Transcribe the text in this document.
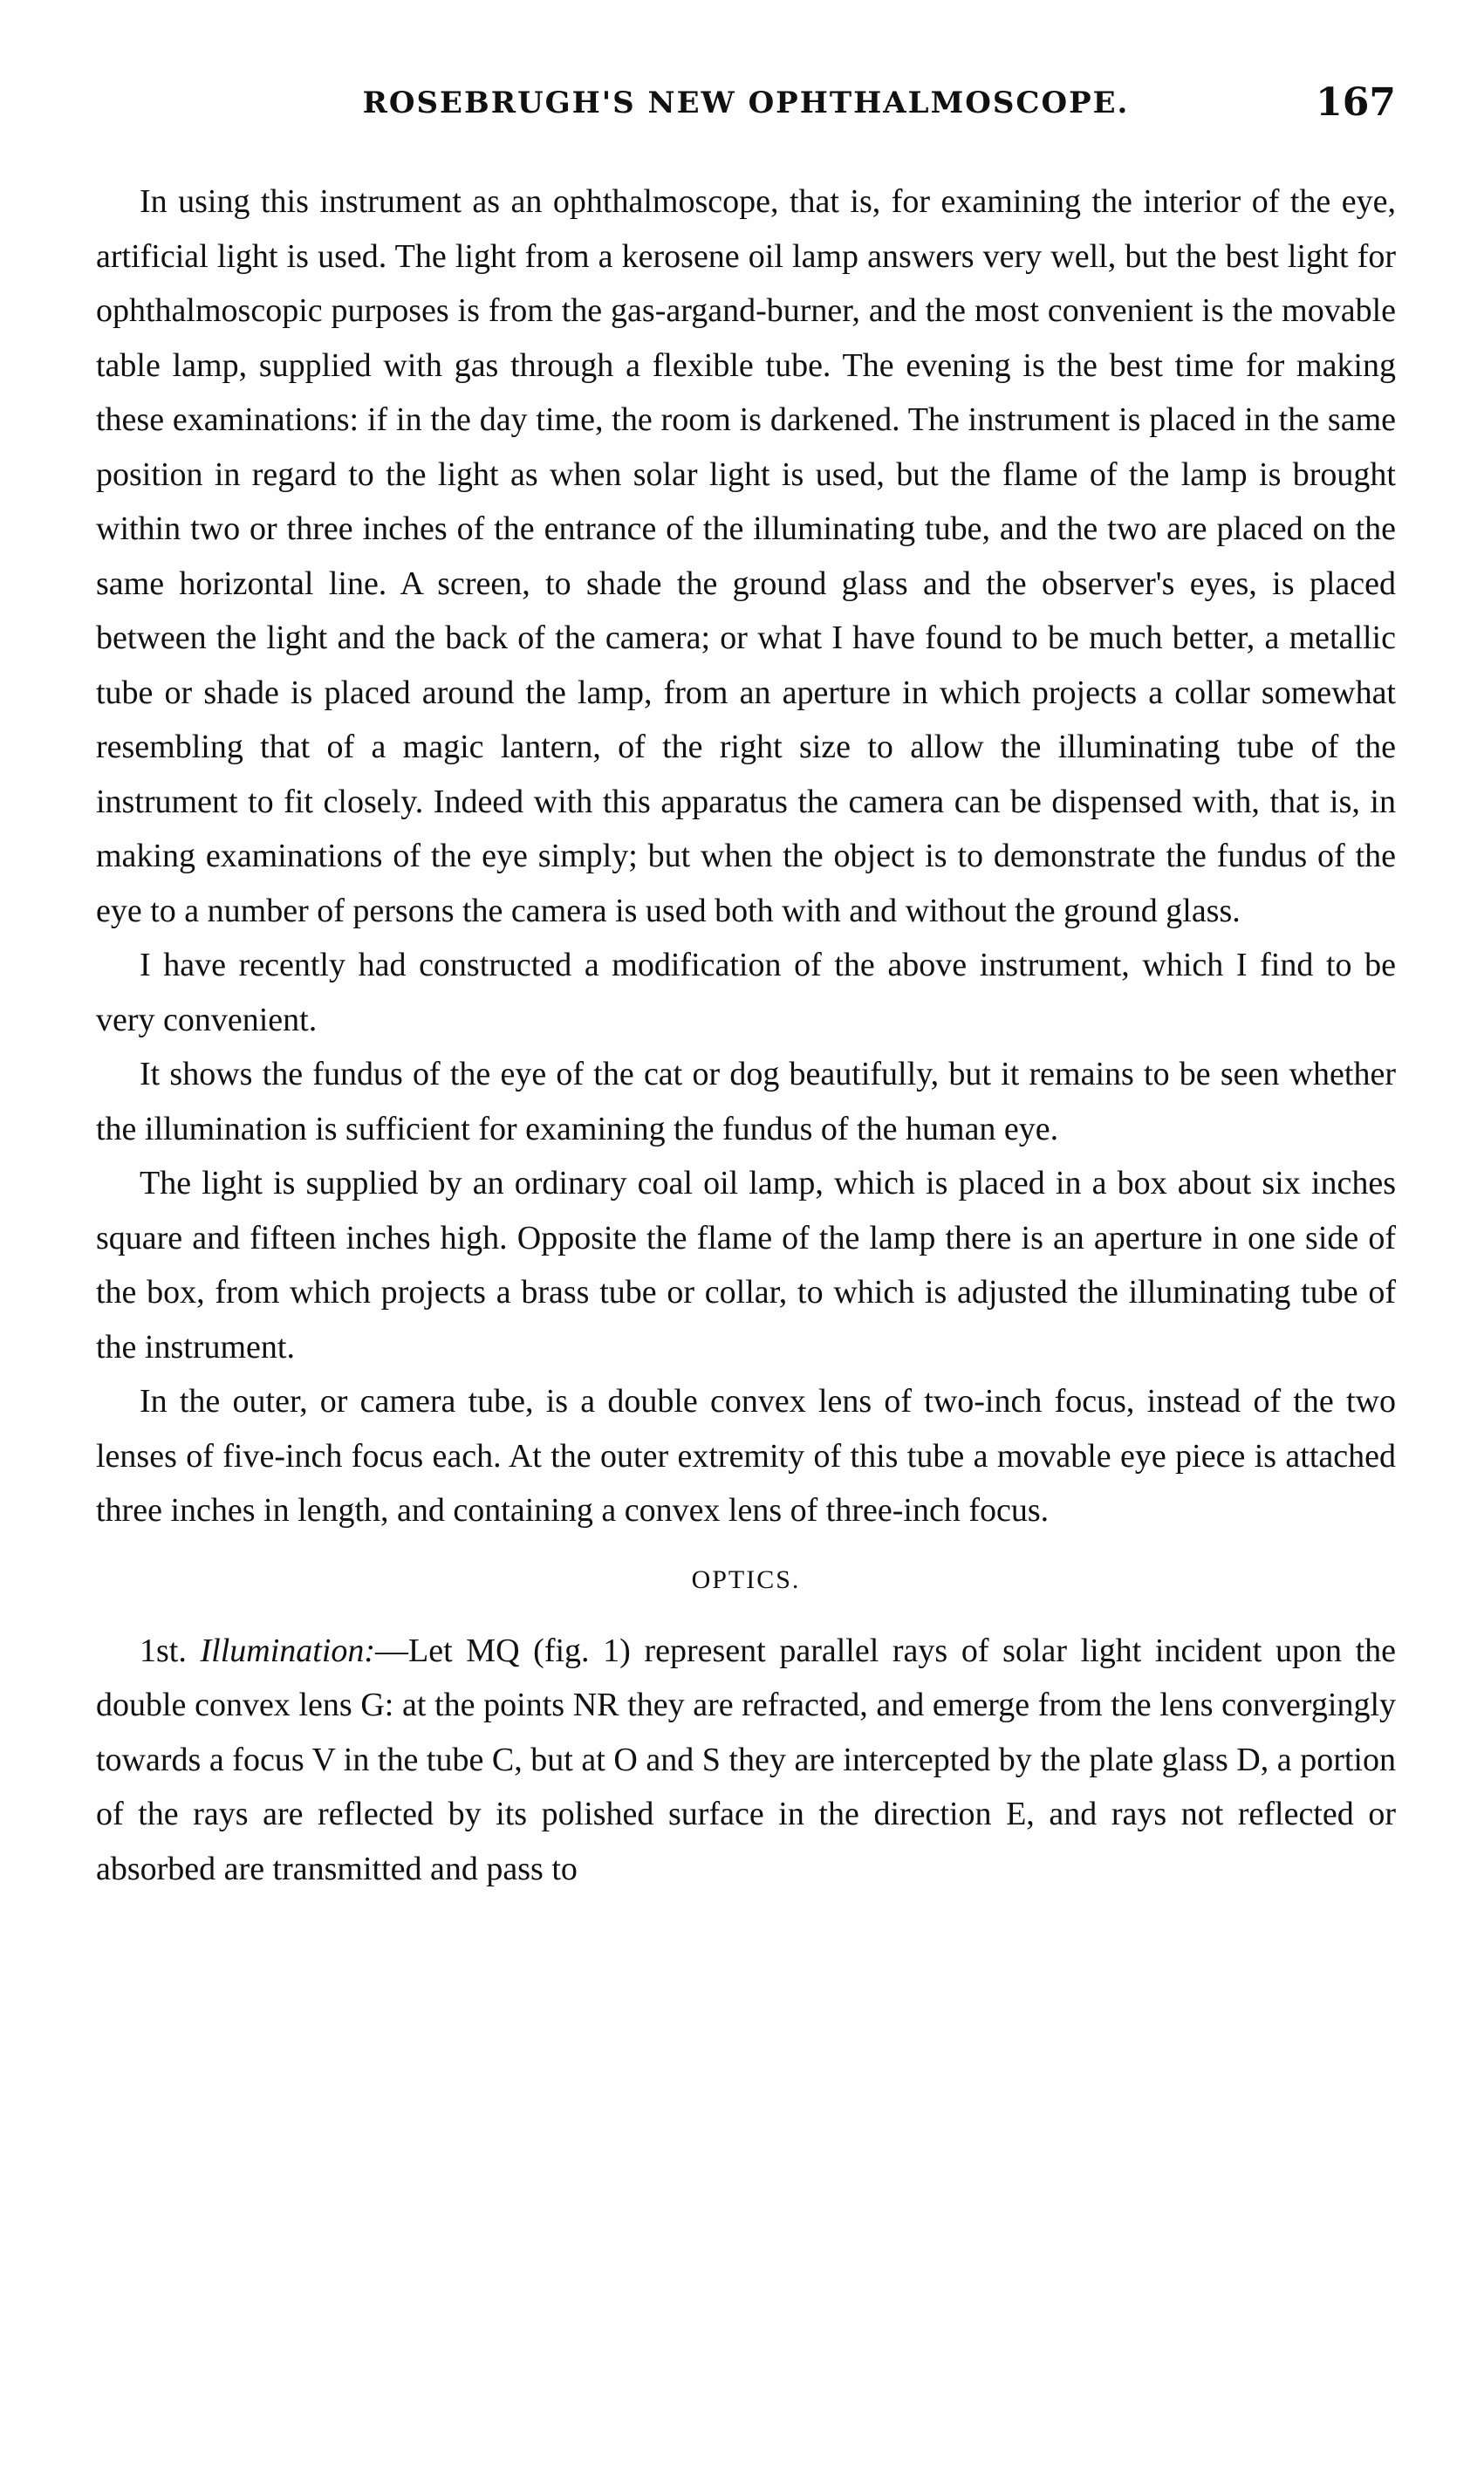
ROSEBRUGH'S NEW OPHTHALMOSCOPE.	167

In using this instrument as an ophthalmoscope, that is, for examining the interior of the eye, artificial light is used. The light from a kerosene oil lamp answers very well, but the best light for ophthalmoscopic purposes is from the gas-argand-burner, and the most convenient is the movable table lamp, supplied with gas through a flexible tube. The evening is the best time for making these examinations: if in the day time, the room is darkened. The instrument is placed in the same position in regard to the light as when solar light is used, but the flame of the lamp is brought within two or three inches of the entrance of the illuminating tube, and the two are placed on the same horizontal line. A screen, to shade the ground glass and the observer's eyes, is placed between the light and the back of the camera; or what I have found to be much better, a metallic tube or shade is placed around the lamp, from an aperture in which projects a collar somewhat resembling that of a magic lantern, of the right size to allow the illuminating tube of the instrument to fit closely. Indeed with this apparatus the camera can be dispensed with, that is, in making examinations of the eye simply; but when the object is to demonstrate the fundus of the eye to a number of persons the camera is used both with and without the ground glass.

I have recently had constructed a modification of the above instrument, which I find to be very convenient.

It shows the fundus of the eye of the cat or dog beautifully, but it remains to be seen whether the illumination is sufficient for examining the fundus of the human eye.

The light is supplied by an ordinary coal oil lamp, which is placed in a box about six inches square and fifteen inches high. Opposite the flame of the lamp there is an aperture in one side of the box, from which projects a brass tube or collar, to which is adjusted the illuminating tube of the instrument.

In the outer, or camera tube, is a double convex lens of two-inch focus, instead of the two lenses of five-inch focus each. At the outer extremity of this tube a movable eye piece is attached three inches in length, and containing a convex lens of three-inch focus.

OPTICS.

1st. Illumination:—Let MQ (fig. 1) represent parallel rays of solar light incident upon the double convex lens G: at the points NR they are refracted, and emerge from the lens convergingly towards a focus V in the tube C, but at O and S they are intercepted by the plate glass D, a portion of the rays are reflected by its polished surface in the direction E, and rays not reflected or absorbed are transmitted and pass to
